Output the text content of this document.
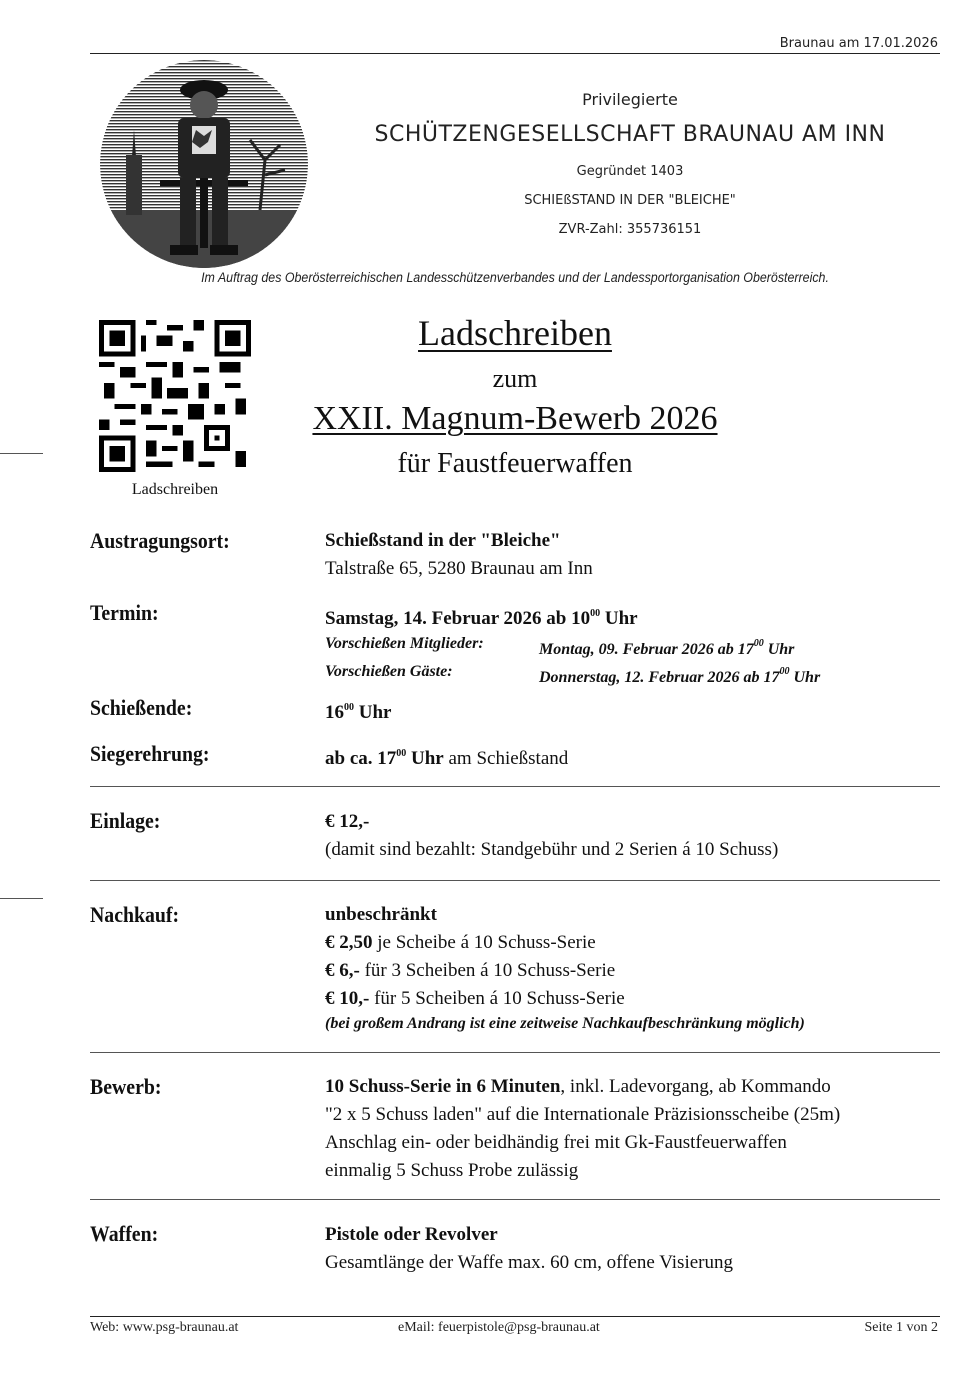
Braunau am 17.01.2026
Privilegierte
SCHÜTZENGESELLSCHAFT BRAUNAU AM INN
Gegründet 1403
SCHIEßSTAND IN DER "BLEICHE"
ZVR-Zahl: 355736151
Im Auftrag des Oberösterreichischen Landesschützenverbandes und der Landessportorganisation Oberösterreich.
Ladschreiben
Ladschreiben
zum
XXII. Magnum-Bewerb 2026
für Faustfeuerwaffen
Austragungsort:	Schießstand in der "Bleiche"
Talstraße 65, 5280 Braunau am Inn
Termin:	Samstag, 14. Februar 2026 ab $10^{00}$ Uhr
Vorschießen Mitglieder:	Montag, 09. Februar 2026 ab $17^{00}$ Uhr
Vorschießen Gäste:	Donnerstag, 12. Februar 2026 ab $17^{00}$ Uhr
Schießende:	$16^{00}$ Uhr
Siegerehrung:	ab ca. $17^{00}$ Uhr am Schießstand
Einlage:	€ 12,-
(damit sind bezahlt: Standgebühr und 2 Serien á 10 Schuss)
Nachkauf:	unbeschränkt
€ 2,50 je Scheibe á 10 Schuss-Serie
€ 6,- für 3 Scheiben á 10 Schuss-Serie
€ 10,- für 5 Scheiben á 10 Schuss-Serie
(bei großem Andrang ist eine zeitweise Nachkaufbeschränkung möglich)
Bewerb:	10 Schuss-Serie in 6 Minuten, inkl. Ladevorgang, ab Kommando
"2 x 5 Schuss laden" auf die Internationale Präzisionsscheibe (25m)
Anschlag ein- oder beidhändig frei mit Gk-Faustfeuerwaffen
einmalig 5 Schuss Probe zulässig
Waffen:	Pistole oder Revolver
Gesamtlänge der Waffe max. 60 cm, offene Visierung
Web: www.psg-braunau.at	eMail: feuerpistole@psg-braunau.at	Seite 1 von 2
